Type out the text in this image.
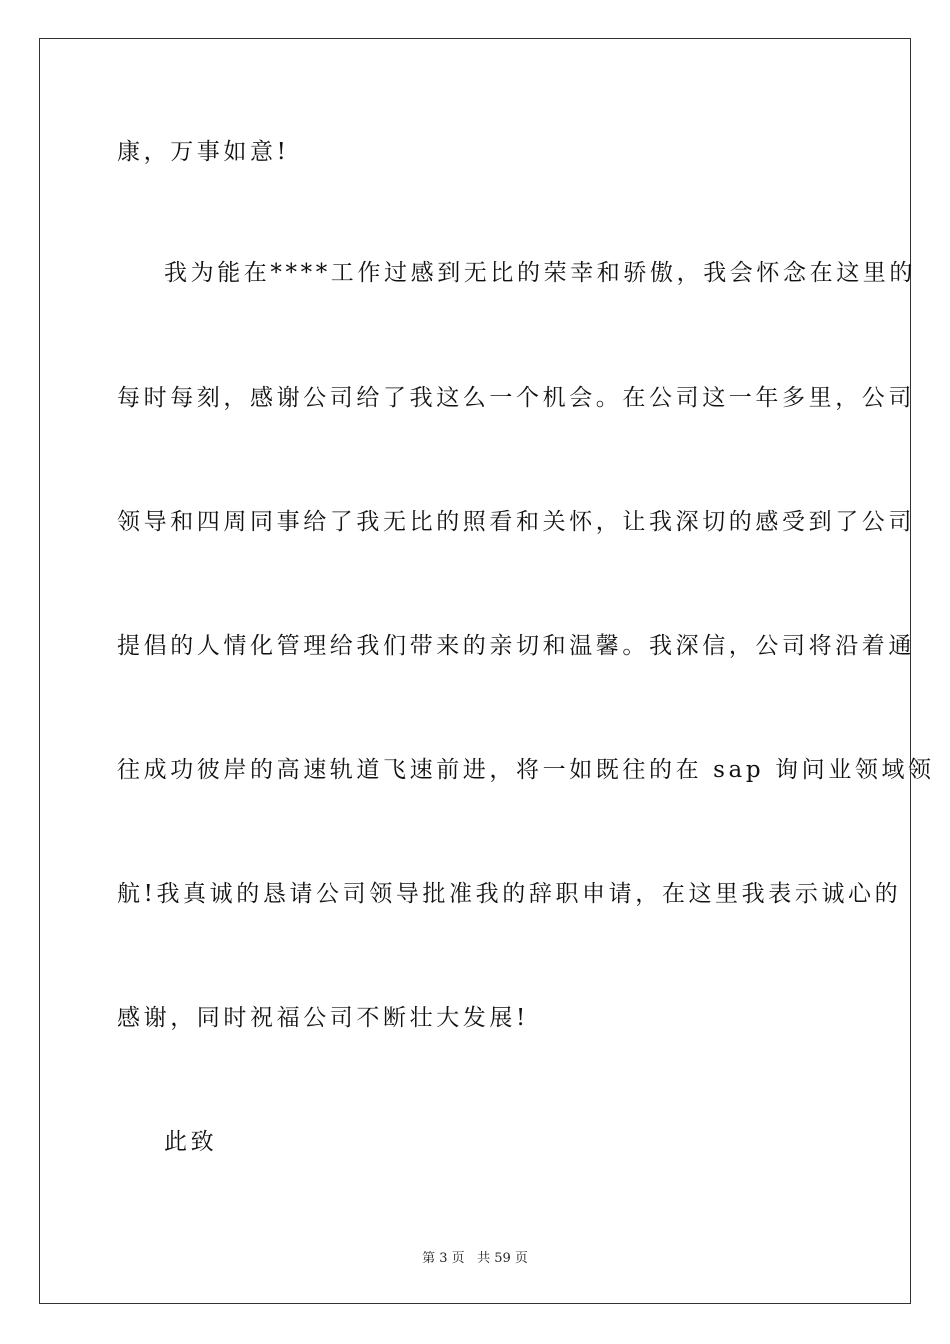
康，万事如意!

我为能在****工作过感到无比的荣幸和骄傲，我会怀念在这里的

每时每刻，感谢公司给了我这么一个机会。在公司这一年多里，公司

领导和四周同事给了我无比的照看和关怀，让我深切的感受到了公司

提倡的人情化管理给我们带来的亲切和温馨。我深信，公司将沿着通

往成功彼岸的高速轨道飞速前进，将一如既往的在 sap 询问业领域领

航!我真诚的恳请公司领导批准我的辞职申请，在这里我表示诚心的

感谢，同时祝福公司不断壮大发展!

此致

第 3 页 共 59 页
